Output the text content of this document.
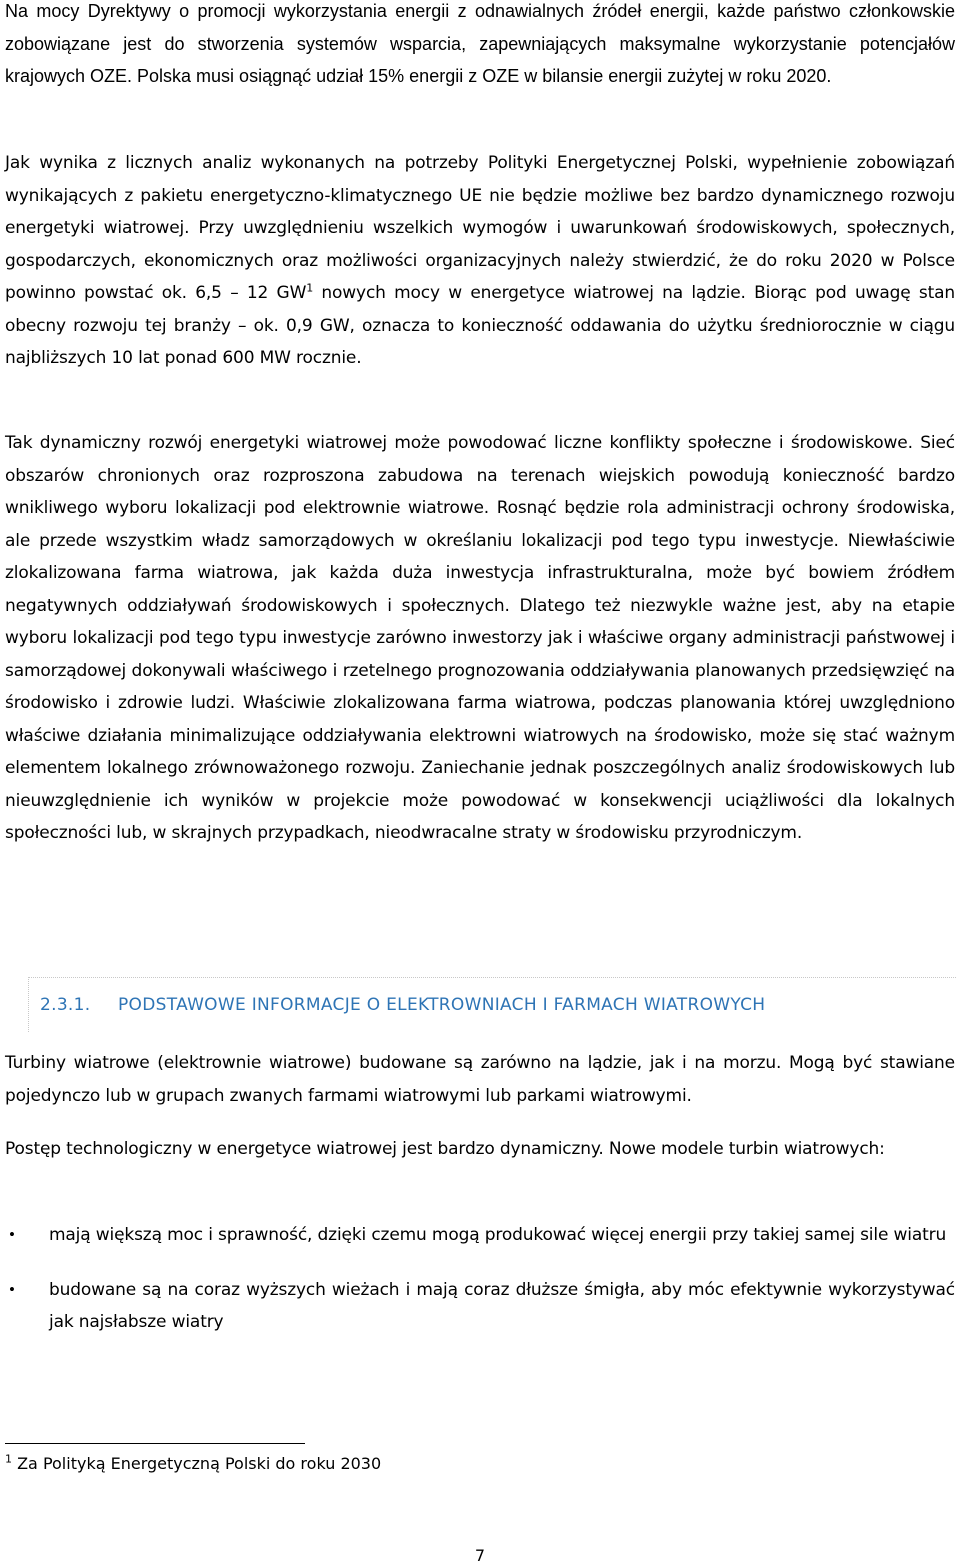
Na mocy Dyrektywy o promocji wykorzystania energii z odnawialnych źródeł energii, każde państwo członkowskie zobowiązane jest do stworzenia systemów wsparcia, zapewniających maksymalne wykorzystanie potencjałów krajowych OZE. Polska musi osiągnąć udział 15% energii z OZE w bilansie energii zużytej w roku 2020.

Jak wynika z licznych analiz wykonanych na potrzeby Polityki Energetycznej Polski, wypełnienie zobowiązań wynikających z pakietu energetyczno-klimatycznego UE nie będzie możliwe bez bardzo dynamicznego rozwoju energetyki wiatrowej. Przy uwzględnieniu wszelkich wymogów i uwarunkowań środowiskowych, społecznych, gospodarczych, ekonomicznych oraz możliwości organizacyjnych należy stwierdzić, że do roku 2020 w Polsce powinno powstać ok. 6,5 – 12 $GW^1$ nowych mocy w energetyce wiatrowej na lądzie. Biorąc pod uwagę stan obecny rozwoju tej branży – ok. 0,9 GW, oznacza to konieczność oddawania do użytku średniorocznie w ciągu najbliższych 10 lat ponad 600 MW rocznie.

Tak dynamiczny rozwój energetyki wiatrowej może powodować liczne konflikty społeczne i środowiskowe. Sieć obszarów chronionych oraz rozproszona zabudowa na terenach wiejskich powodują konieczność bardzo wnikliwego wyboru lokalizacji pod elektrownie wiatrowe. Rosnąć będzie rola administracji ochrony środowiska, ale przede wszystkim władz samorządowych w określaniu lokalizacji pod tego typu inwestycje. Niewłaściwie zlokalizowana farma wiatrowa, jak każda duża inwestycja infrastrukturalna, może być bowiem źródłem negatywnych oddziaływań środowiskowych i społecznych. Dlatego też niezwykle ważne jest, aby na etapie wyboru lokalizacji pod tego typu inwestycje zarówno inwestorzy jak i właściwe organy administracji państwowej i samorządowej dokonywali właściwego i rzetelnego prognozowania oddziaływania planowanych przedsięwzięć na środowisko i zdrowie ludzi. Właściwie zlokalizowana farma wiatrowa, podczas planowania której uwzględniono właściwe działania minimalizujące oddziaływania elektrowni wiatrowych na środowisko, może się stać ważnym elementem lokalnego zrównoważonego rozwoju. Zaniechanie jednak poszczególnych analiz środowiskowych lub nieuwzględnienie ich wyników w projekcie może powodować w konsekwencji uciążliwości dla lokalnych społeczności lub, w skrajnych przypadkach, nieodwracalne straty w środowisku przyrodniczym.

2.3.1. PODSTAWOWE INFORMACJE O ELEKTROWNIACH I FARMACH WIATROWYCH

Turbiny wiatrowe (elektrownie wiatrowe) budowane są zarówno na lądzie, jak i na morzu. Mogą być stawiane pojedynczo lub w grupach zwanych farmami wiatrowymi lub parkami wiatrowymi.

Postęp technologiczny w energetyce wiatrowej jest bardzo dynamiczny. Nowe modele turbin wiatrowych:

• mają większą moc i sprawność, dzięki czemu mogą produkować więcej energii przy takiej samej sile wiatru

• budowane są na coraz wyższych wieżach i mają coraz dłuższe śmigła, aby móc efektywnie wykorzystywać jak najsłabsze wiatry

$^1$ Za Polityką Energetyczną Polski do roku 2030
7
